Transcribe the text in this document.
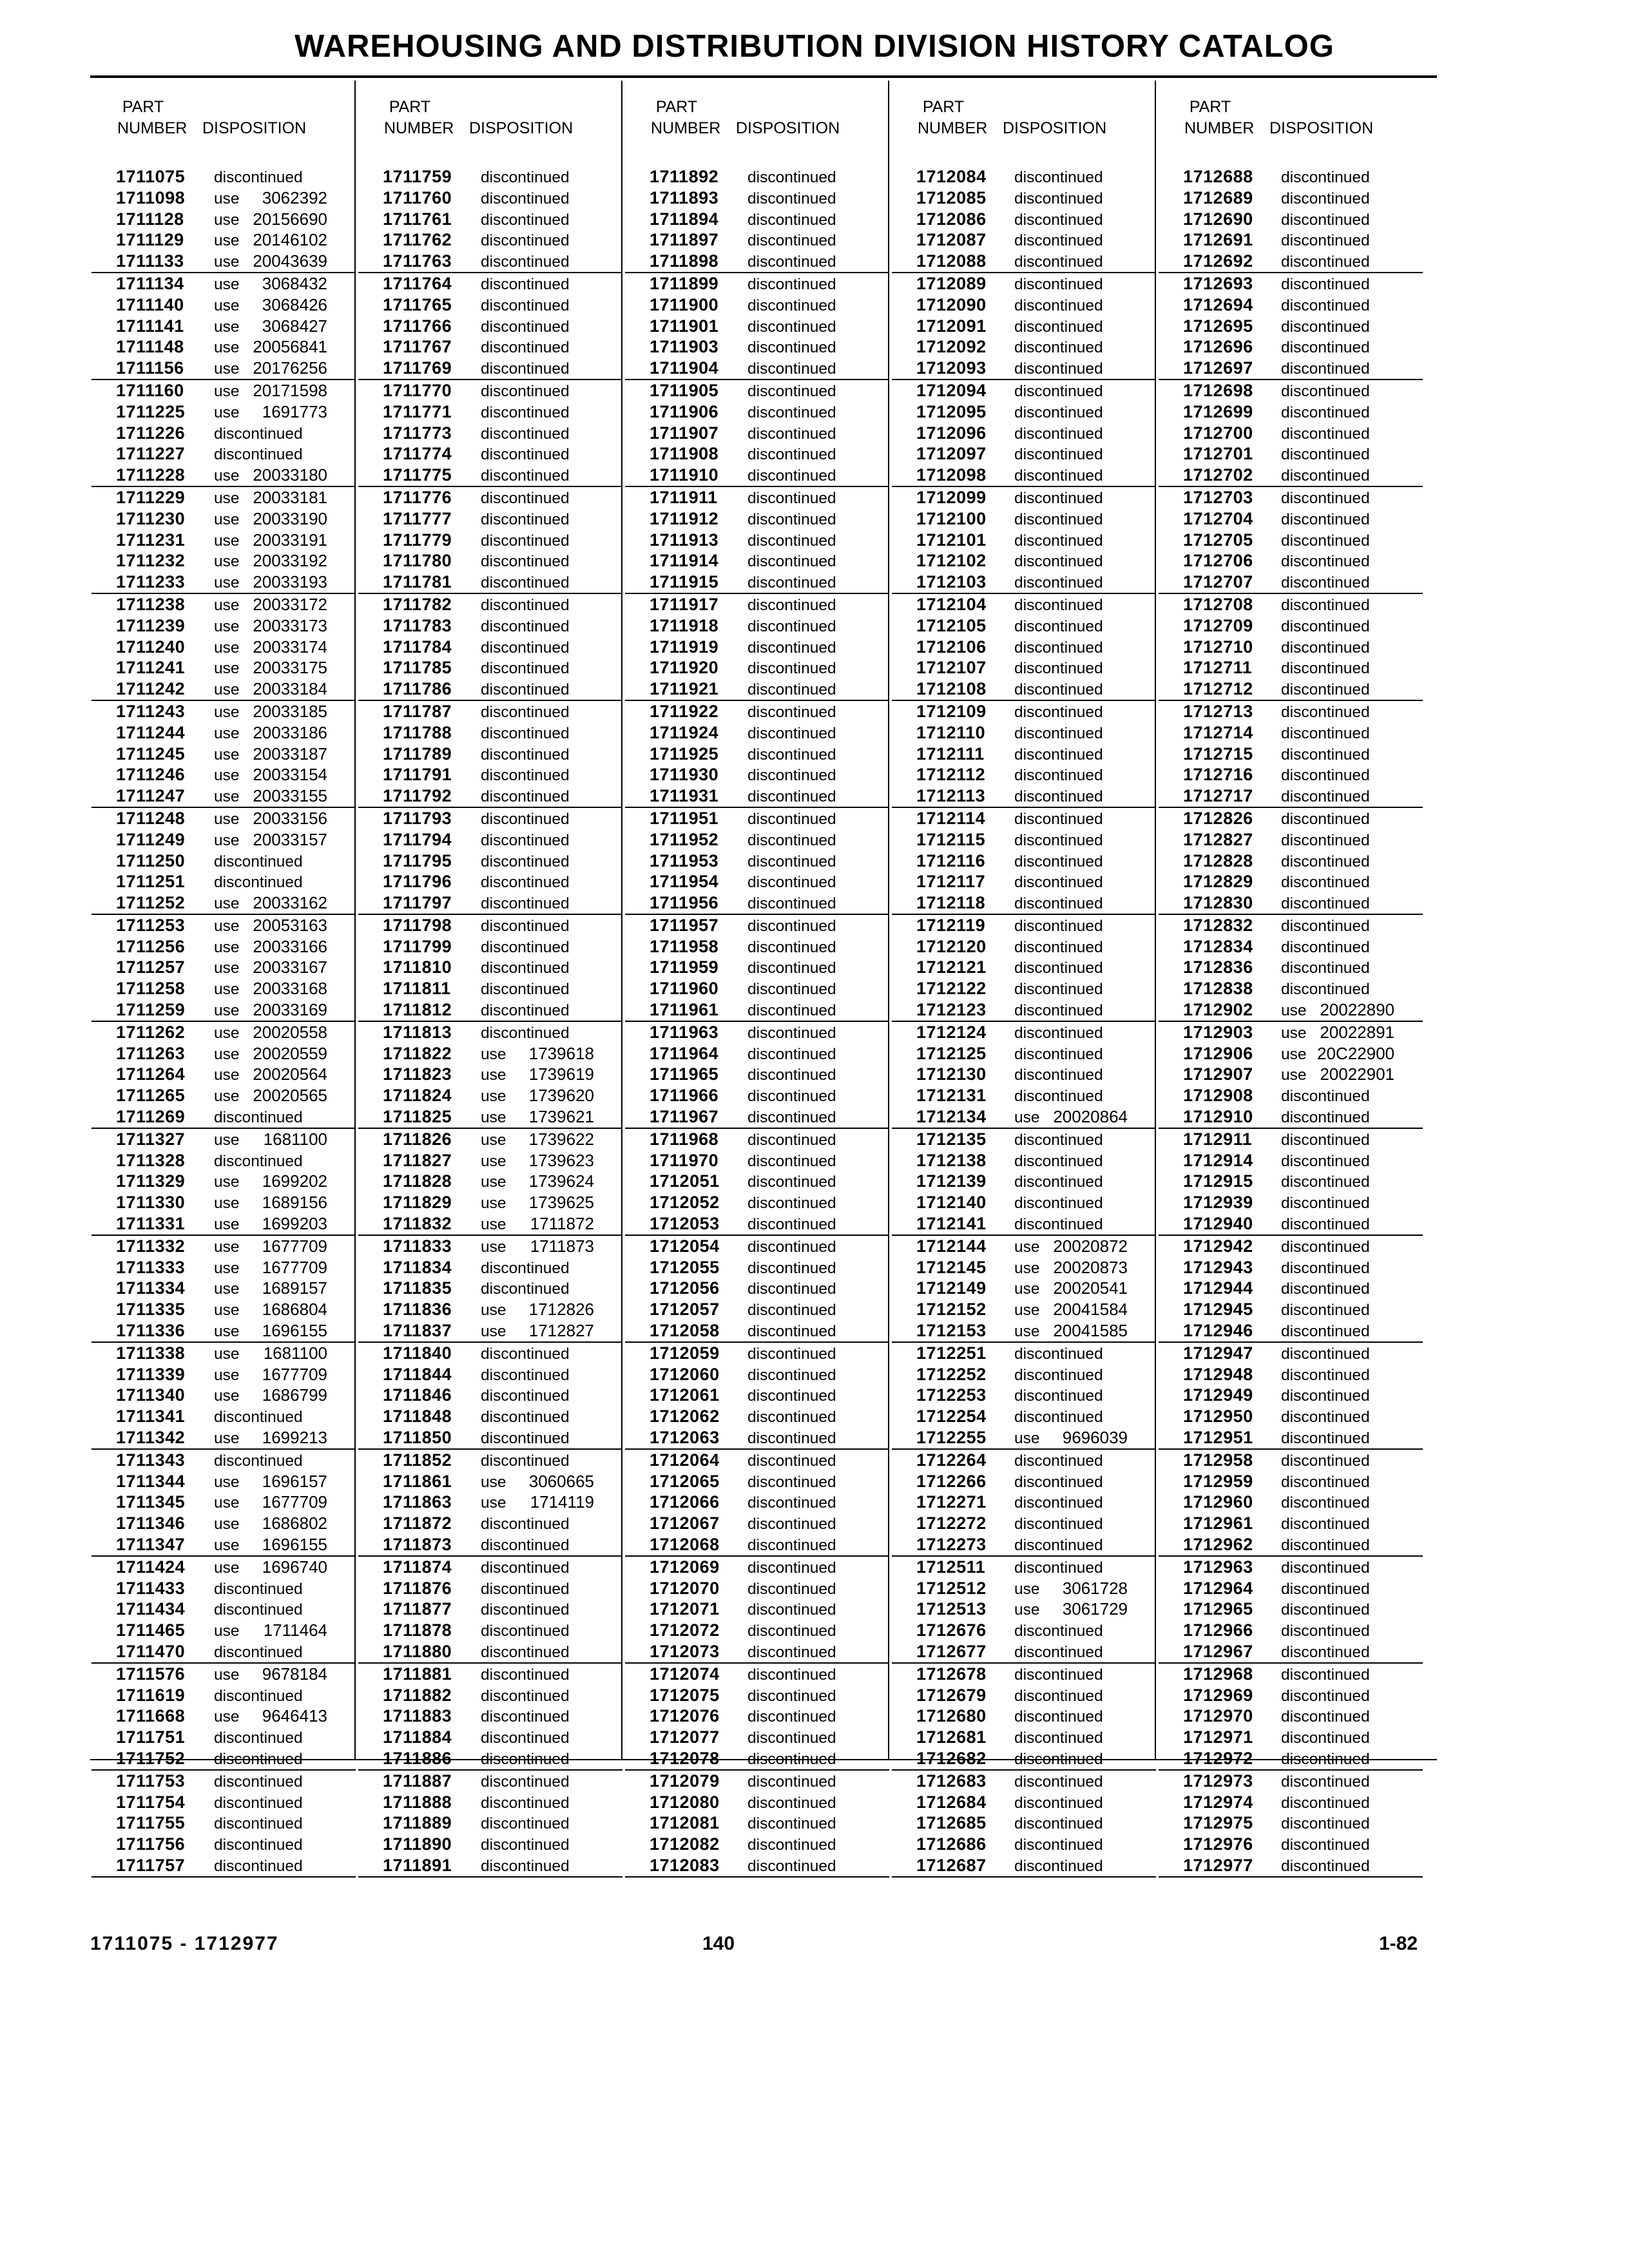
WAREHOUSING AND DISTRIBUTION DIVISION HISTORY CATALOG
PART
NUMBER DISPOSITION
1711075 discontinued
1711098 use 3062392
1711128 use 20156690
1711129 use 20146102
1711133 use 20043639
1711134 use 3068432
1711140 use 3068426
1711141 use 3068427
1711148 use 20056841
1711156 use 20176256
1711160 use 20171598
1711225 use 1691773
1711226 discontinued
1711227 discontinued
1711228 use 20033180
1711229 use 20033181
1711230 use 20033190
1711231 use 20033191
1711232 use 20033192
1711233 use 20033193
1711238 use 20033172
1711239 use 20033173
1711240 use 20033174
1711241 use 20033175
1711242 use 20033184
1711243 use 20033185
1711244 use 20033186
1711245 use 20033187
1711246 use 20033154
1711247 use 20033155
1711248 use 20033156
1711249 use 20033157
1711250 discontinued
1711251 discontinued
1711252 use 20033162
1711253 use 20053163
1711256 use 20033166
1711257 use 20033167
1711258 use 20033168
1711259 use 20033169
1711262 use 20020558
1711263 use 20020559
1711264 use 20020564
1711265 use 20020565
1711269 discontinued
1711327 use 1681100
1711328 discontinued
1711329 use 1699202
1711330 use 1689156
1711331 use 1699203
1711332 use 1677709
1711333 use 1677709
1711334 use 1689157
1711335 use 1686804
1711336 use 1696155
1711338 use 1681100
1711339 use 1677709
1711340 use 1686799
1711341 discontinued
1711342 use 1699213
1711343 discontinued
1711344 use 1696157
1711345 use 1677709
1711346 use 1686802
1711347 use 1696155
1711424 use 1696740
1711433 discontinued
1711434 discontinued
1711465 use 1711464
1711470 discontinued
1711576 use 9678184
1711619 discontinued
1711668 use 9646413
1711751 discontinued
1711752 discontinued
1711753 discontinued
1711754 discontinued
1711755 discontinued
1711756 discontinued
1711757 discontinued
PART
NUMBER DISPOSITION
1711759 discontinued
1711760 discontinued
1711761 discontinued
1711762 discontinued
1711763 discontinued
1711764 discontinued
1711765 discontinued
1711766 discontinued
1711767 discontinued
1711769 discontinued
1711770 discontinued
1711771 discontinued
1711773 discontinued
1711774 discontinued
1711775 discontinued
1711776 discontinued
1711777 discontinued
1711779 discontinued
1711780 discontinued
1711781 discontinued
1711782 discontinued
1711783 discontinued
1711784 discontinued
1711785 discontinued
1711786 discontinued
1711787 discontinued
1711788 discontinued
1711789 discontinued
1711791 discontinued
1711792 discontinued
1711793 discontinued
1711794 discontinued
1711795 discontinued
1711796 discontinued
1711797 discontinued
1711798 discontinued
1711799 discontinued
1711810 discontinued
1711811 discontinued
1711812 discontinued
1711813 discontinued
1711822 use 1739618
1711823 use 1739619
1711824 use 1739620
1711825 use 1739621
1711826 use 1739622
1711827 use 1739623
1711828 use 1739624
1711829 use 1739625
1711832 use 1711872
1711833 use 1711873
1711834 discontinued
1711835 discontinued
1711836 use 1712826
1711837 use 1712827
1711840 discontinued
1711844 discontinued
1711846 discontinued
1711848 discontinued
1711850 discontinued
1711852 discontinued
1711861 use 3060665
1711863 use 1714119
1711872 discontinued
1711873 discontinued
1711874 discontinued
1711876 discontinued
1711877 discontinued
1711878 discontinued
1711880 discontinued
1711881 discontinued
1711882 discontinued
1711883 discontinued
1711884 discontinued
1711886 discontinued
1711887 discontinued
1711888 discontinued
1711889 discontinued
1711890 discontinued
1711891 discontinued
PART
NUMBER DISPOSITION
1711892 discontinued
1711893 discontinued
1711894 discontinued
1711897 discontinued
1711898 discontinued
1711899 discontinued
1711900 discontinued
1711901 discontinued
1711903 discontinued
1711904 discontinued
1711905 discontinued
1711906 discontinued
1711907 discontinued
1711908 discontinued
1711910 discontinued
1711911 discontinued
1711912 discontinued
1711913 discontinued
1711914 discontinued
1711915 discontinued
1711917 discontinued
1711918 discontinued
1711919 discontinued
1711920 discontinued
1711921 discontinued
1711922 discontinued
1711924 discontinued
1711925 discontinued
1711930 discontinued
1711931 discontinued
1711951 discontinued
1711952 discontinued
1711953 discontinued
1711954 discontinued
1711956 discontinued
1711957 discontinued
1711958 discontinued
1711959 discontinued
1711960 discontinued
1711961 discontinued
1711963 discontinued
1711964 discontinued
1711965 discontinued
1711966 discontinued
1711967 discontinued
1711968 discontinued
1711970 discontinued
1712051 discontinued
1712052 discontinued
1712053 discontinued
1712054 discontinued
1712055 discontinued
1712056 discontinued
1712057 discontinued
1712058 discontinued
1712059 discontinued
1712060 discontinued
1712061 discontinued
1712062 discontinued
1712063 discontinued
1712064 discontinued
1712065 discontinued
1712066 discontinued
1712067 discontinued
1712068 discontinued
1712069 discontinued
1712070 discontinued
1712071 discontinued
1712072 discontinued
1712073 discontinued
1712074 discontinued
1712075 discontinued
1712076 discontinued
1712077 discontinued
1712078 discontinued
1712079 discontinued
1712080 discontinued
1712081 discontinued
1712082 discontinued
1712083 discontinued
PART
NUMBER DISPOSITION
1712084 discontinued
1712085 discontinued
1712086 discontinued
1712087 discontinued
1712088 discontinued
1712089 discontinued
1712090 discontinued
1712091 discontinued
1712092 discontinued
1712093 discontinued
1712094 discontinued
1712095 discontinued
1712096 discontinued
1712097 discontinued
1712098 discontinued
1712099 discontinued
1712100 discontinued
1712101 discontinued
1712102 discontinued
1712103 discontinued
1712104 discontinued
1712105 discontinued
1712106 discontinued
1712107 discontinued
1712108 discontinued
1712109 discontinued
1712110 discontinued
1712111 discontinued
1712112 discontinued
1712113 discontinued
1712114 discontinued
1712115 discontinued
1712116 discontinued
1712117 discontinued
1712118 discontinued
1712119 discontinued
1712120 discontinued
1712121 discontinued
1712122 discontinued
1712123 discontinued
1712124 discontinued
1712125 discontinued
1712130 discontinued
1712131 discontinued
1712134 use 20020864
1712135 discontinued
1712138 discontinued
1712139 discontinued
1712140 discontinued
1712141 discontinued
1712144 use 20020872
1712145 use 20020873
1712149 use 20020541
1712152 use 20041584
1712153 use 20041585
1712251 discontinued
1712252 discontinued
1712253 discontinued
1712254 discontinued
1712255 use 9696039
1712264 discontinued
1712266 discontinued
1712271 discontinued
1712272 discontinued
1712273 discontinued
1712511 discontinued
1712512 use 3061728
1712513 use 3061729
1712676 discontinued
1712677 discontinued
1712678 discontinued
1712679 discontinued
1712680 discontinued
1712681 discontinued
1712682 discontinued
1712683 discontinued
1712684 discontinued
1712685 discontinued
1712686 discontinued
1712687 discontinued
PART
NUMBER DISPOSITION
1712688 discontinued
1712689 discontinued
1712690 discontinued
1712691 discontinued
1712692 discontinued
1712693 discontinued
1712694 discontinued
1712695 discontinued
1712696 discontinued
1712697 discontinued
1712698 discontinued
1712699 discontinued
1712700 discontinued
1712701 discontinued
1712702 discontinued
1712703 discontinued
1712704 discontinued
1712705 discontinued
1712706 discontinued
1712707 discontinued
1712708 discontinued
1712709 discontinued
1712710 discontinued
1712711 discontinued
1712712 discontinued
1712713 discontinued
1712714 discontinued
1712715 discontinued
1712716 discontinued
1712717 discontinued
1712826 discontinued
1712827 discontinued
1712828 discontinued
1712829 discontinued
1712830 discontinued
1712832 discontinued
1712834 discontinued
1712836 discontinued
1712838 discontinued
1712902 use 20022890
1712903 use 20022891
1712906 use 20C22900
1712907 use 20022901
1712908 discontinued
1712910 discontinued
1712911 discontinued
1712914 discontinued
1712915 discontinued
1712939 discontinued
1712940 discontinued
1712942 discontinued
1712943 discontinued
1712944 discontinued
1712945 discontinued
1712946 discontinued
1712947 discontinued
1712948 discontinued
1712949 discontinued
1712950 discontinued
1712951 discontinued
1712958 discontinued
1712959 discontinued
1712960 discontinued
1712961 discontinued
1712962 discontinued
1712963 discontinued
1712964 discontinued
1712965 discontinued
1712966 discontinued
1712967 discontinued
1712968 discontinued
1712969 discontinued
1712970 discontinued
1712971 discontinued
1712972 discontinued
1712973 discontinued
1712974 discontinued
1712975 discontinued
1712976 discontinued
1712977 discontinued
1711075 - 1712977	140	1-82
